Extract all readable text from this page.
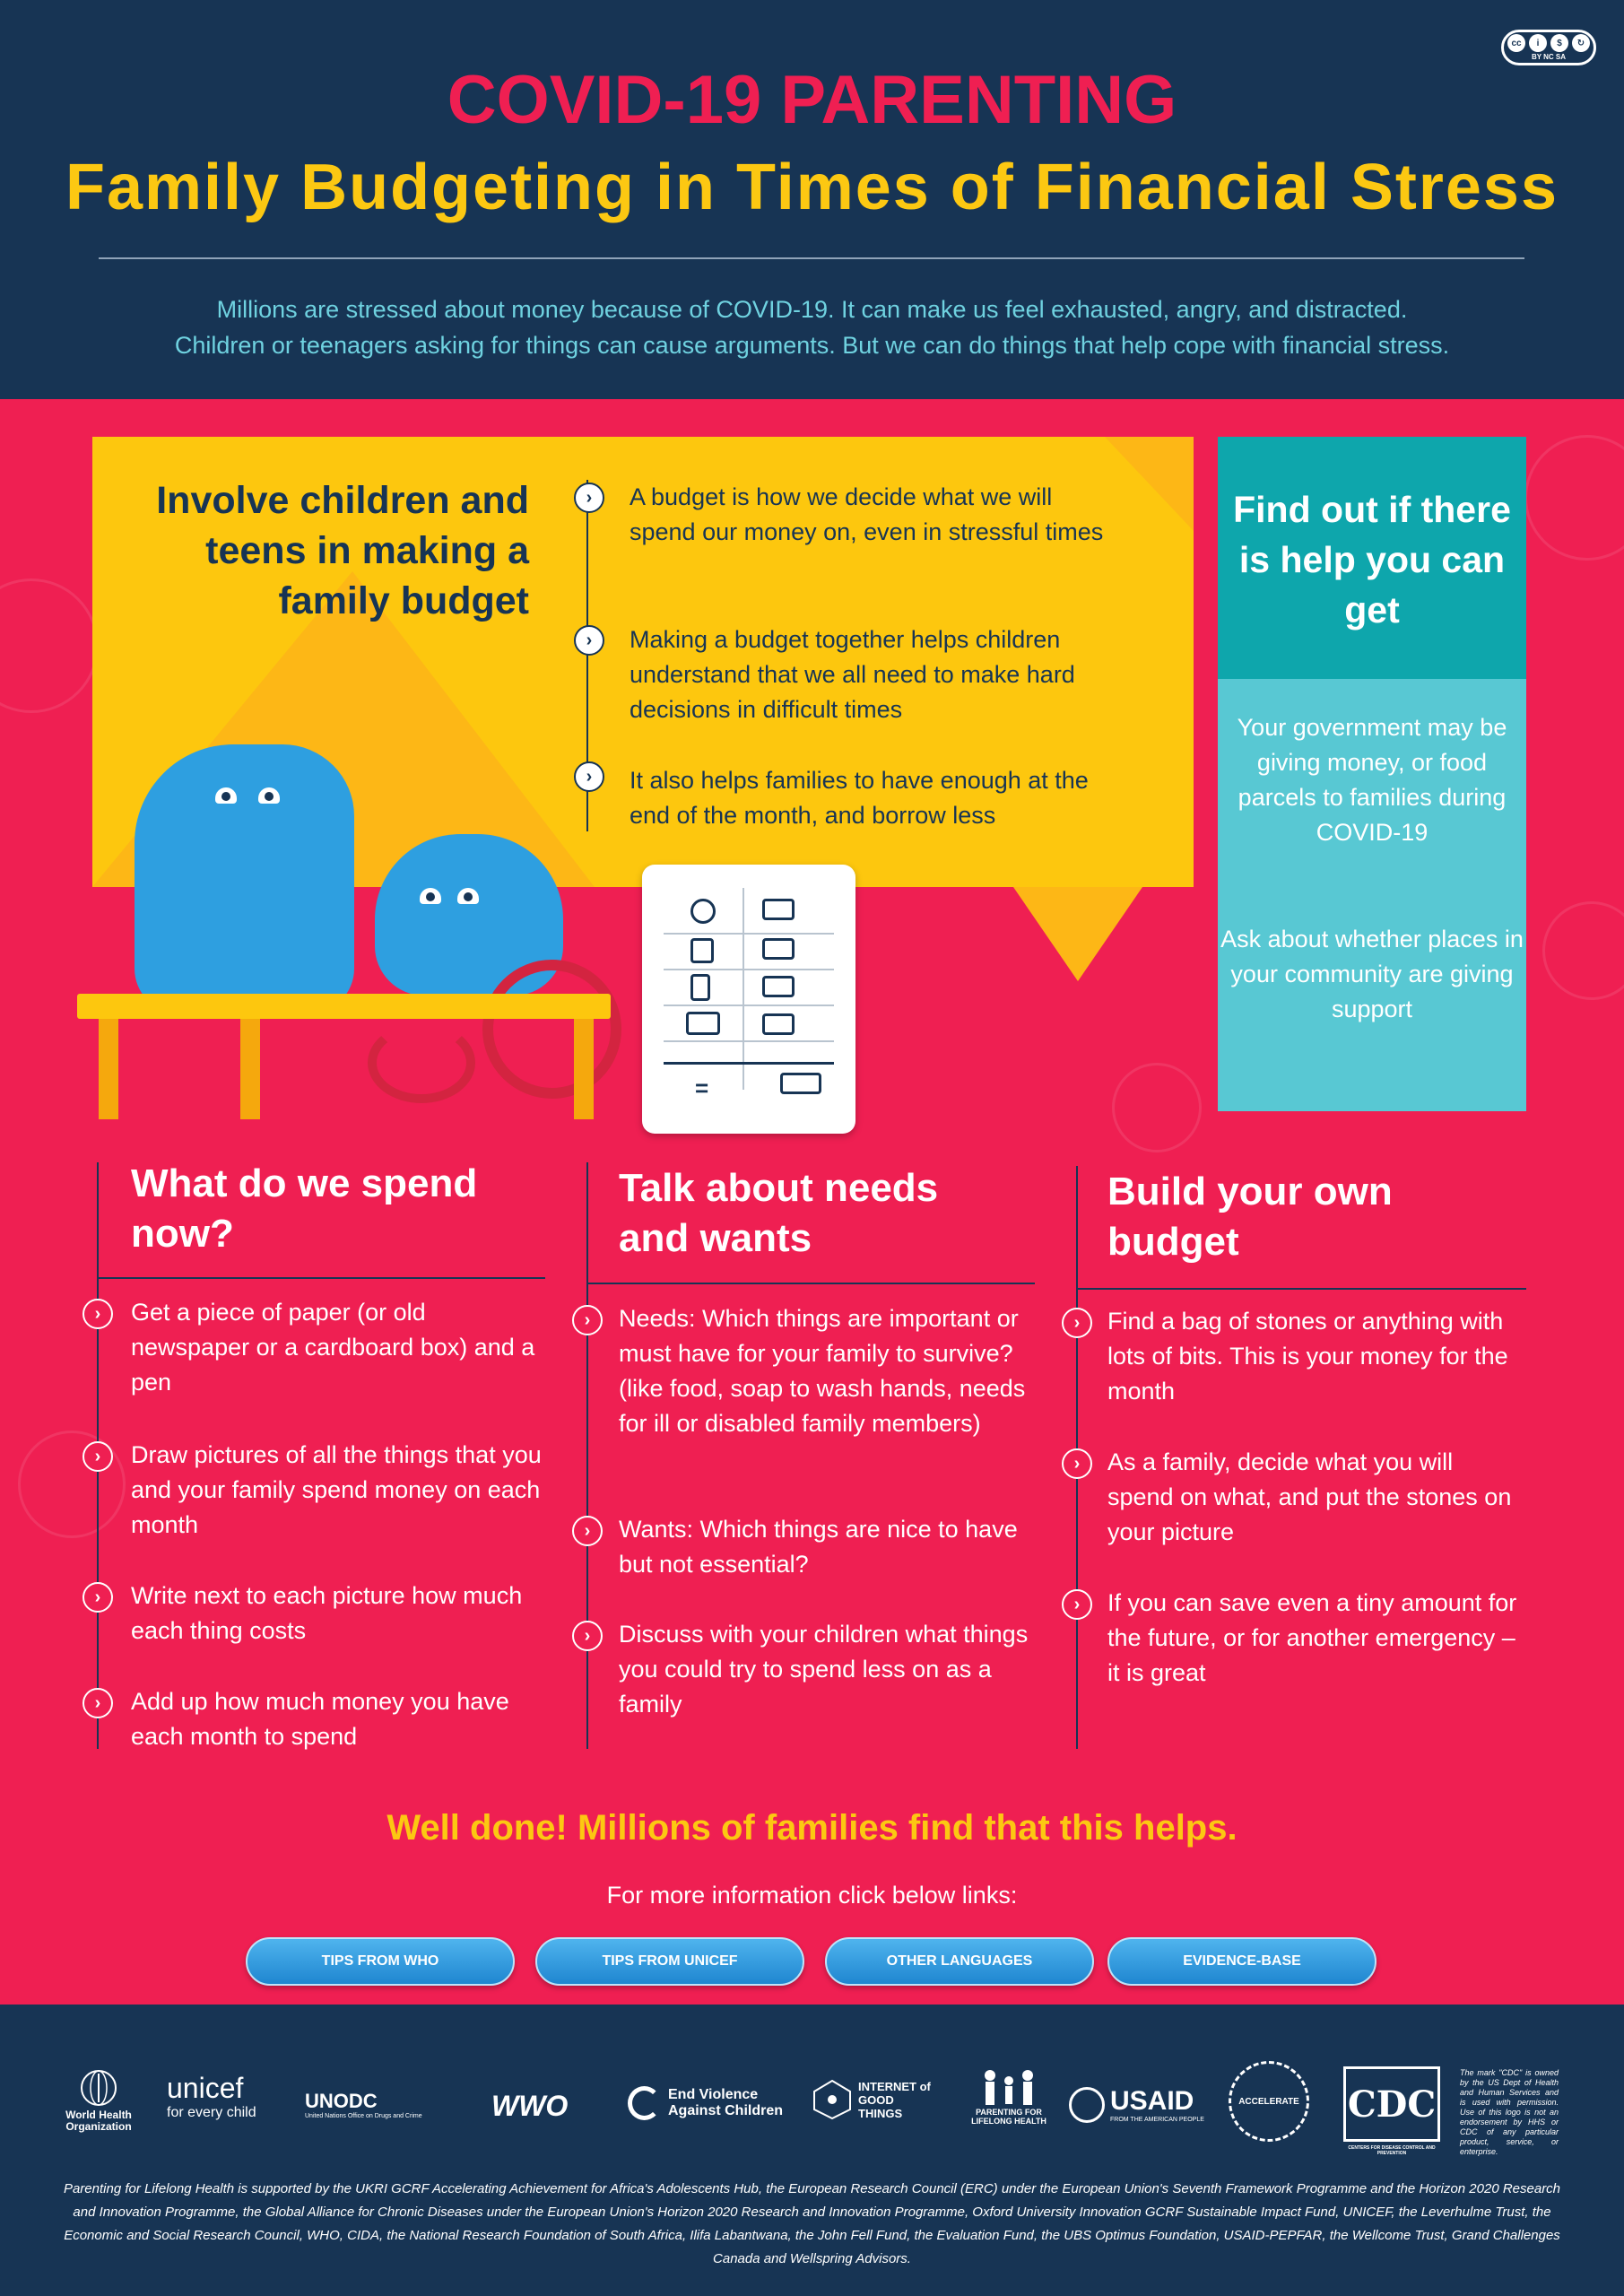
cc	i	$	↻
BY NC SA
COVID-19 PARENTING
Family Budgeting in Times of Financial Stress
Millions are stressed about money because of COVID-19. It can make us feel exhausted, angry, and distracted.
Children or teenagers asking for things can cause arguments. But we can do things that help cope with financial stress.
Involve children and teens in making a family budget
›	A budget is how we decide what we will spend our money on, even in stressful times
›	Making a budget together helps children understand that we all need to make hard decisions in difficult times
›	It also helps families to have enough at the end of the month, and borrow less
Find out if there is help you can get
Your government may be giving money, or food parcels to families during COVID-19
Ask about whether places in your community are giving support
=
What do we spend now?
›	Get a piece of paper (or old newspaper or a cardboard box) and a pen
›	Draw pictures of all the things that you and your family spend money on each month
›	Write next to each picture how much each thing costs
›	Add up how much money you have each month to spend
Talk about needs and wants
›	Needs: Which things are important or must have for your family to survive? (like food, soap to wash hands, needs for ill or disabled family members)
›	Wants: Which things are nice to have but not essential?
›	Discuss with your children what things you could try to spend less on as a family
Build your own budget
›	Find a bag of stones or anything with lots of bits. This is your money for the month
›	As a family, decide what you will spend on what, and put the stones on your picture
›	If you can save even a tiny amount for the future, or for another emergency – it is great
Well done! Millions of families find that this helps.
For more information click below links:
TIPS FROM WHO	TIPS FROM UNICEF	OTHER LANGUAGES	EVIDENCE-BASE
World Health Organization
unicef
for every child
UNODC
United Nations Office on Drugs and Crime WWO	End Violence Against Children
INTERNET of GOOD THINGS	PARENTING FOR LIFELONG HEALTH
USAID
FROM THE AMERICAN PEOPLE
ACCELERATE CDC
CENTERS FOR DISEASE CONTROL AND PREVENTION
The mark "CDC" is owned by the US Dept of Health and Human Services and is used with permission. Use of this logo is not an endorsement by HHS or CDC of any particular product, service, or enterprise.
Parenting for Lifelong Health is supported by the UKRI GCRF Accelerating Achievement for Africa's Adolescents Hub, the European Research Council (ERC) under the European Union's Seventh Framework Programme and the Horizon 2020 Research and Innovation Programme, the Global Alliance for Chronic Diseases under the European Union's Horizon 2020 Research and Innovation Programme, Oxford University Innovation GCRF Sustainable Impact Fund, UNICEF, the Leverhulme Trust, the Economic and Social Research Council, WHO, CIDA, the National Research Foundation of South Africa, Ilifa Labantwana, the John Fell Fund, the Evaluation Fund, the UBS Optimus Foundation, USAID-PEPFAR, the Wellcome Trust, Grand Challenges Canada and Wellspring Advisors.
